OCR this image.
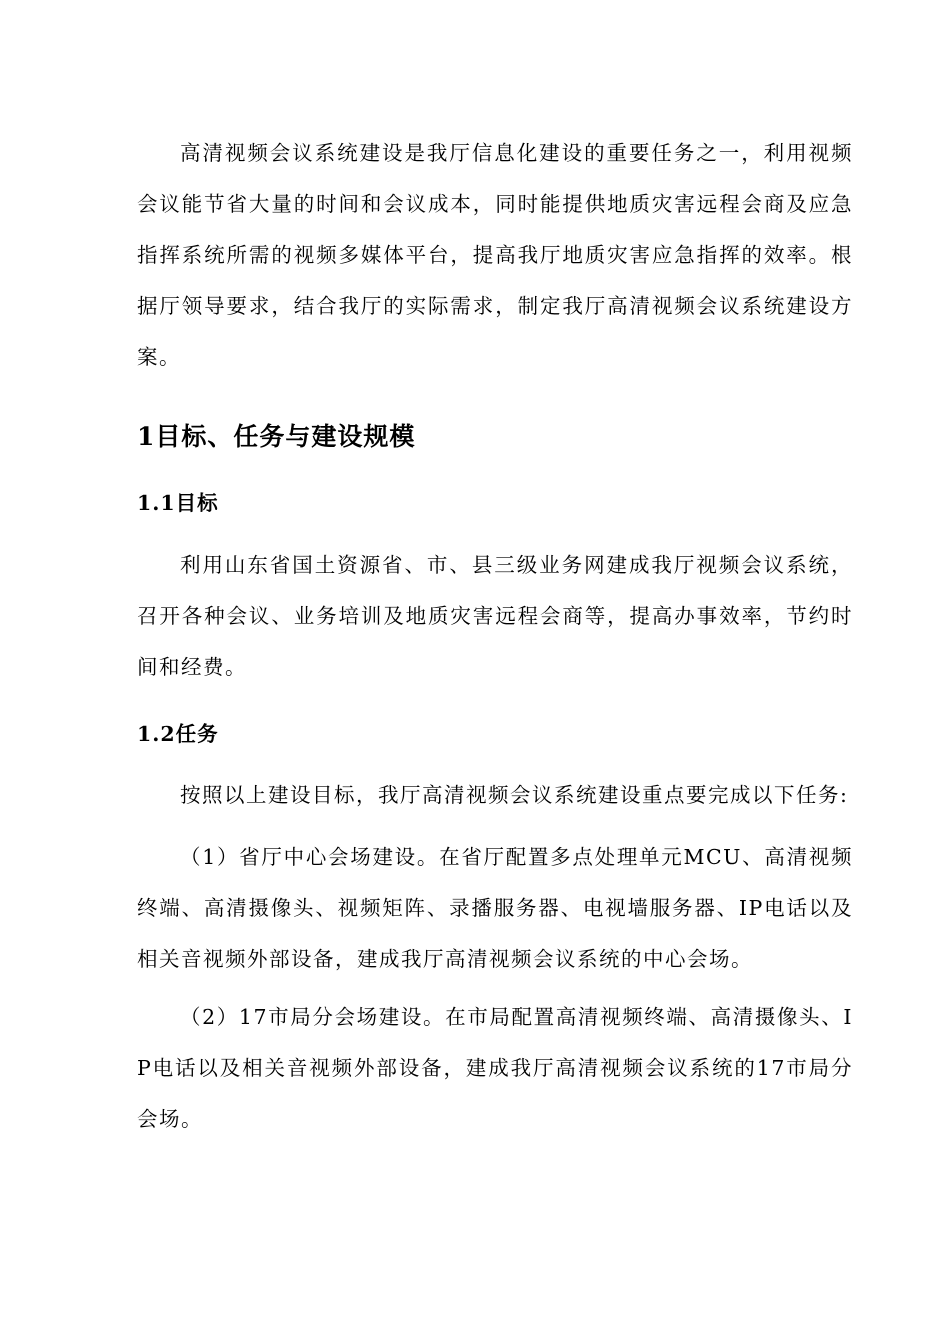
高清视频会议系统建设是我厅信息化建设的重要任务之一，利用视频会议能节省大量的时间和会议成本，同时能提供地质灾害远程会商及应急指挥系统所需的视频多媒体平台，提高我厅地质灾害应急指挥的效率。根据厅领导要求，结合我厅的实际需求，制定我厅高清视频会议系统建设方案。

1目标、任务与建设规模
1.1目标

利用山东省国土资源省、市、县三级业务网建成我厅视频会议系统，召开各种会议、业务培训及地质灾害远程会商等，提高办事效率，节约时间和经费。

1.2任务

按照以上建设目标，我厅高清视频会议系统建设重点要完成以下任务:

（1）省厅中心会场建设。在省厅配置多点处理单元MCU、高清视频终端、高清摄像头、视频矩阵、录播服务器、电视墙服务器、IP电话以及相关音视频外部设备，建成我厅高清视频会议系统的中心会场。

（2）17市局分会场建设。在市局配置高清视频终端、高清摄像头、IP电话以及相关音视频外部设备，建成我厅高清视频会议系统的17市局分会场。
